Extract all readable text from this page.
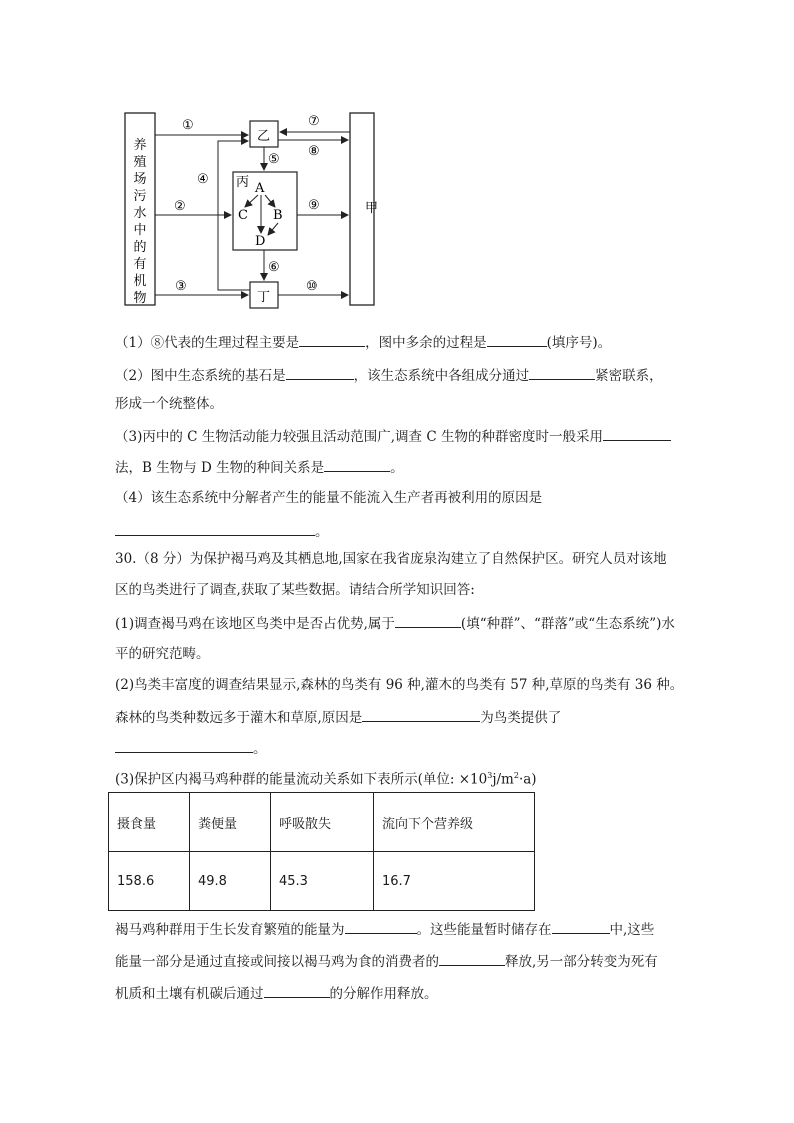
养
殖
场
污
水
中
的
有
机
物
甲
乙
丁
丙 A
C B
D
①
②
③
④
⑤
⑥
⑦
⑧
⑨
⑩
（1）⑧代表的生理过程主要是	，图中多余的过程是	(填序号)。
（2）图中生态系统的基石是	，该生态系统中各组成分通过	紧密联系，
形成一个统整体。
（3)丙中的 C 生物活动能力较强且活动范围广,调查 C 生物的种群密度时一般采用
法，B 生物与 D 生物的种间关系是	。
（4）该生态系统中分解者产生的能量不能流入生产者再被利用的原因是
。
30.（8 分）为保护褐马鸡及其栖息地,国家在我省庞泉沟建立了自然保护区。研究人员对该地
区的鸟类进行了调查,获取了某些数据。请结合所学知识回答:
(1)调查褐马鸡在该地区鸟类中是否占优势,属于	(填“种群”、“群落”或“生态系统”)水
平的研究范畴。
(2)鸟类丰富度的调查结果显示,森林的鸟类有 96 种,灌木的鸟类有 57 种,草原的鸟类有 36 种。
森林的鸟类种数远多于灌木和草原,原因是	为鸟类提供了
。
(3)保护区内褐马鸡种群的能量流动关系如下表所示(单位: $\times 10^3j/m^2\cdot a$)
摄食量	粪便量	呼吸散失	流向下个营养级
158.6	49.8	45.3	16.7
褐马鸡种群用于生长发育繁殖的能量为	。这些能量暂时储存在	中,这些
能量一部分是通过直接或间接以褐马鸡为食的消费者的	释放,另一部分转变为死有
机质和土壤有机碳后通过	的分解作用释放。
